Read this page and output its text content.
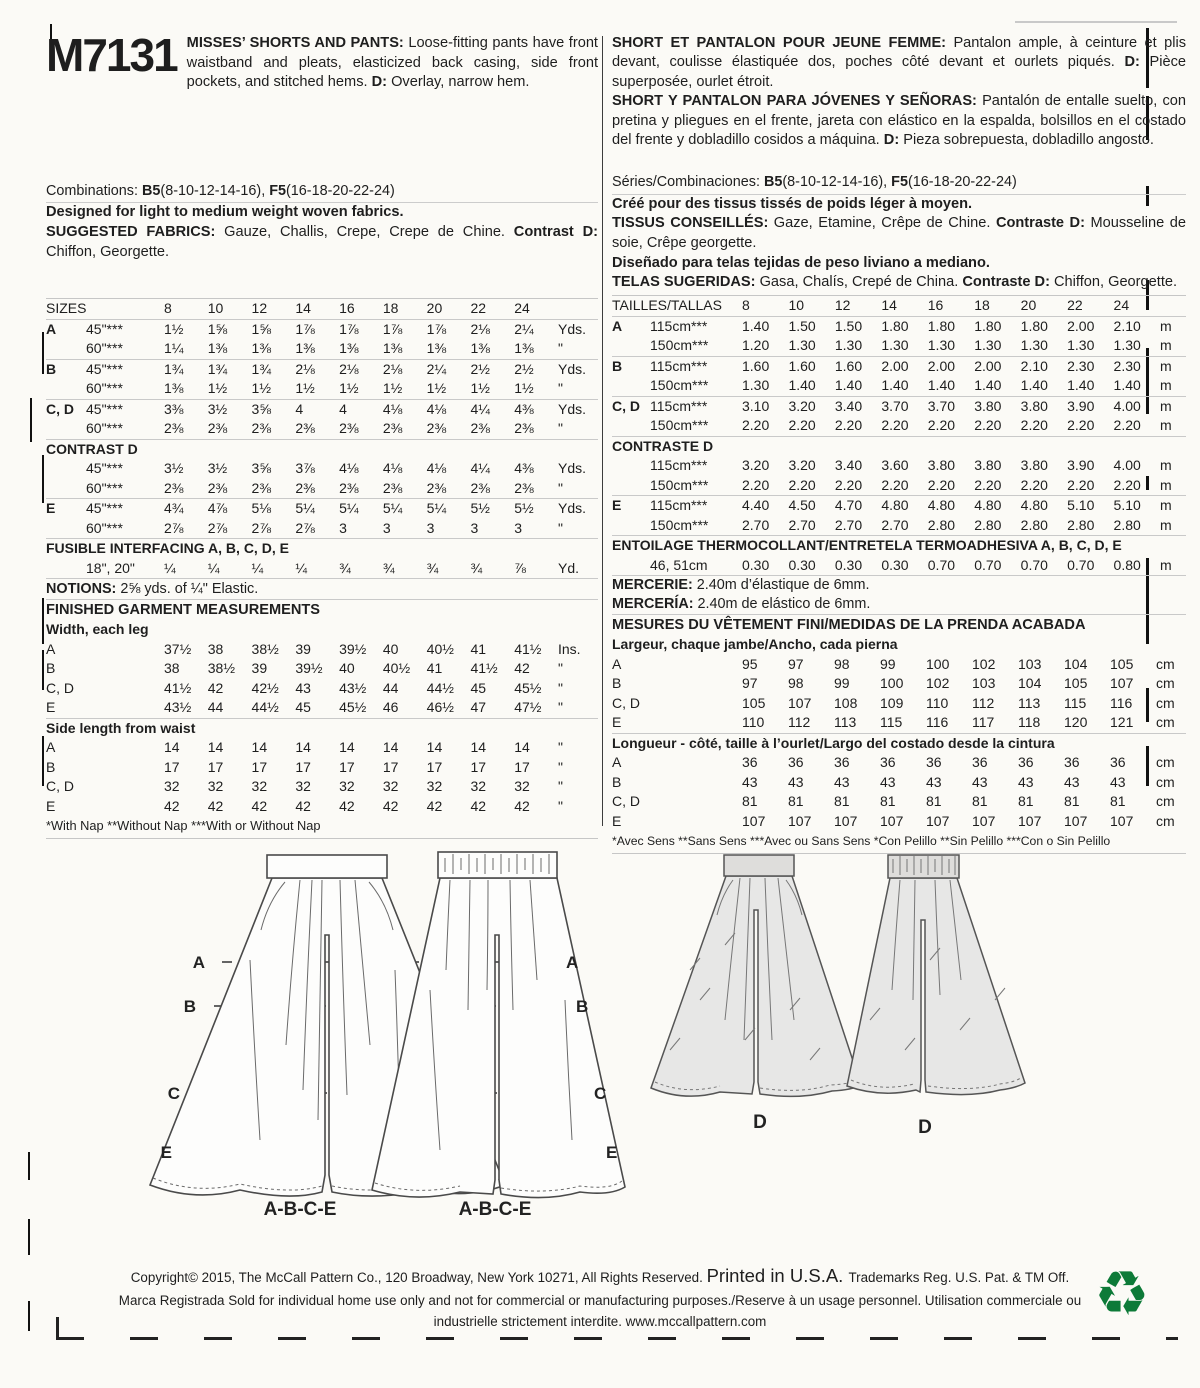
M7131 MISSES’ SHORTS AND PANTS: Loose-fitting pants have front waistband and pleats, elasticized back casing, side front pockets, and stitched hems. D: Overlay, narrow hem.
Combinations: B5(8-10-12-14-16), F5(16-18-20-22-24)
Designed for light to medium weight woven fabrics.
SUGGESTED FABRICS: Gauze, Challis, Crepe, Crepe de Chine. Contrast D: Chiffon, Georgette.
SIZES	8	10	12	14	16	18	20	22	24
A	45"***	1½	1⅝	1⅝	1⅞	1⅞	1⅞	1⅞	2⅛	2¼	Yds.
60"***	1¼	1⅜	1⅜	1⅜	1⅜	1⅜	1⅜	1⅜	1⅜	"
B	45"***	1¾	1¾	1¾	2⅛	2⅛	2⅛	2¼	2½	2½	Yds.
60"***	1⅜	1½	1½	1½	1½	1½	1½	1½	1½	"
C, D 45"***	3⅜	3½	3⅝	4	4	4⅛	4⅛	4¼	4⅜	Yds.
60"***	2⅜	2⅜	2⅜	2⅜	2⅜	2⅜	2⅜	2⅜	2⅜	"
CONTRAST D
45"***	3½	3½	3⅝	3⅞	4⅛	4⅛	4⅛	4¼	4⅜	Yds.
60"***	2⅜	2⅜	2⅜	2⅜	2⅜	2⅜	2⅜	2⅜	2⅜	"
E	45"***	4¾	4⅞	5⅛	5¼	5¼	5¼	5¼	5½	5½	Yds.
60"***	2⅞	2⅞	2⅞	2⅞	3	3	3	3	3	"
FUSIBLE INTERFACING A, B, C, D, E
18", 20"	¼	¼	¼	¼	¾	¾	¾	¾	⅞	Yd.
NOTIONS: 2⅝ yds. of ¼" Elastic.
FINISHED GARMENT MEASUREMENTS
Width, each leg
A	37½	38	38½	39	39½	40	40½	41	41½	Ins.
B	38	38½	39	39½	40	40½	41	41½	42	"
C, D	41½	42	42½	43	43½	44	44½	45	45½	"
E	43½	44	44½	45	45½	46	46½	47	47½	"
Side length from waist
A	14	14	14	14	14	14	14	14	14	"
B	17	17	17	17	17	17	17	17	17	"
C, D	32	32	32	32	32	32	32	32	32	"
E	42	42	42	42	42	42	42	42	42	"
*With Nap **Without Nap ***With or Without Nap
SHORT ET PANTALON POUR JEUNE FEMME: Pantalon ample, à ceinture et plis devant, coulisse élastiquée dos, poches côté devant et ourlets piqués. D: Pièce superposée, ourlet étroit.
SHORT Y PANTALON PARA JÓVENES Y SEÑORAS: Pantalón de entalle suelto, con pretina y pliegues en el frente, jareta con elástico en la espalda, bolsillos en el costado del frente y dobladillo cosidos a máquina. D: Pieza sobrepuesta, dobladillo angosto.
Séries/Combinaciones: B5(8-10-12-14-16), F5(16-18-20-22-24)
Créé pour des tissus tissés de poids léger à moyen.
TISSUS CONSEILLÉS: Gaze, Etamine, Crêpe de Chine. Contraste D: Mousseline de soie, Crêpe georgette.
Diseñado para telas tejidas de peso liviano a mediano.
TELAS SUGERIDAS: Gasa, Chalís, Crepé de China. Contraste D: Chiffon, Georgette.
TAILLES/TALLAS 8	10	12	14	16	18	20	22	24
A	115cm***	1.40	1.50	1.50	1.80	1.80	1.80	1.80	2.00	2.10	m
150cm***	1.20	1.30	1.30	1.30	1.30	1.30	1.30	1.30	1.30	m
B	115cm***	1.60	1.60	1.60	2.00	2.00	2.00	2.10	2.30	2.30	m
150cm***	1.30	1.40	1.40	1.40	1.40	1.40	1.40	1.40	1.40	m
C, D 115cm***	3.10	3.20	3.40	3.70	3.70	3.80	3.80	3.90	4.00	m
150cm***	2.20	2.20	2.20	2.20	2.20	2.20	2.20	2.20	2.20	m
CONTRASTE D
115cm***	3.20	3.20	3.40	3.60	3.80	3.80	3.80	3.90	4.00	m
150cm***	2.20	2.20	2.20	2.20	2.20	2.20	2.20	2.20	2.20	m
E	115cm***	4.40	4.50	4.70	4.80	4.80	4.80	4.80	5.10	5.10	m
150cm***	2.70	2.70	2.70	2.70	2.80	2.80	2.80	2.80	2.80	m
ENTOILAGE THERMOCOLLANT/ENTRETELA TERMOADHESIVA A, B, C, D, E
46, 51cm	0.30	0.30	0.30	0.30	0.70	0.70	0.70	0.70	0.80	m
MERCERIE: 2.40m d’élastique de 6mm.
MERCERÍA: 2.40m de elástico de 6mm.
MESURES DU VÊTEMENT FINI/MEDIDAS DE LA PRENDA ACABADA
Largeur, chaque jambe/Ancho, cada pierna
A	95	97	98	99	100	102	103	104	105	cm
B	97	98	99	100	102	103	104	105	107	cm
C, D	105	107	108	109	110	112	113	115	116	cm
E	110	112	113	115	116	117	118	120	121	cm
Longueur - côté, taille à l’ourlet/Largo del costado desde la cintura
A	36	36	36	36	36	36	36	36	36	cm
B	43	43	43	43	43	43	43	43	43	cm
C, D	81	81	81	81	81	81	81	81	81	cm
E	107	107	107	107	107	107	107	107	107	cm
*Avec Sens **Sans Sens ***Avec ou Sans Sens *Con Pelillo **Sin Pelillo ***Con o Sin Pelillo
A
B
C
E
A
B
C
E
A-B-C-E	A-B-C-E
D	D
Copyright© 2015, The McCall Pattern Co., 120 Broadway, New York 10271, All Rights Reserved. Printed in U.S.A. Trademarks Reg. U.S. Pat. & TM Off.
Marca Registrada Sold for individual home use only and not for commercial or manufacturing purposes./Reserve à un usage personnel. Utilisation commerciale ou
industrielle strictement interdite. www.mccallpattern.com	♻
